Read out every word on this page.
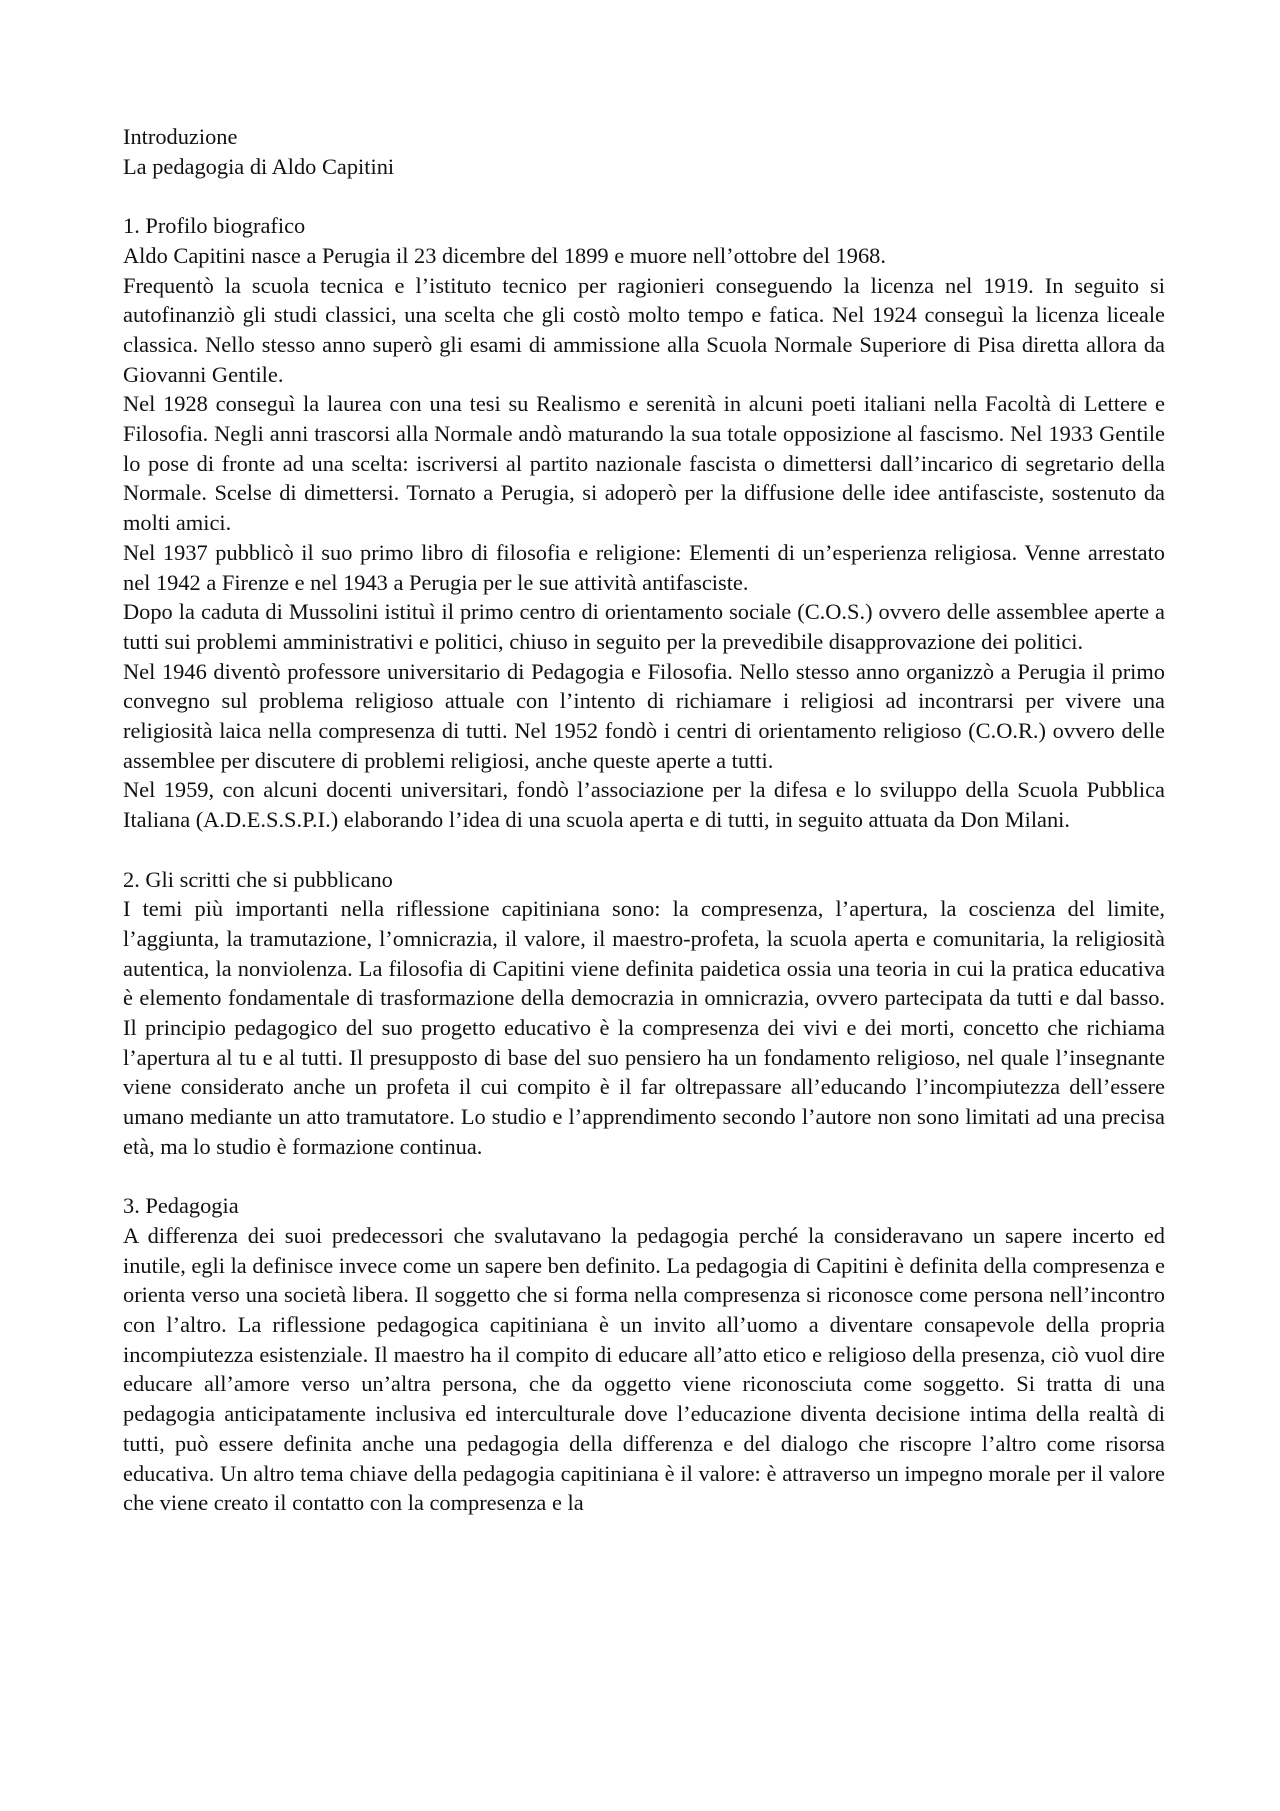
Introduzione
La pedagogia di Aldo Capitini
1. Profilo biografico
Aldo Capitini nasce a Perugia il 23 dicembre del 1899 e muore nell’ottobre del 1968.
Frequentò la scuola tecnica e l’istituto tecnico per ragionieri conseguendo la licenza nel 1919. In seguito si autofinanziò gli studi classici, una scelta che gli costò molto tempo e fatica. Nel 1924 conseguì la licenza liceale classica. Nello stesso anno superò gli esami di ammissione alla Scuola Normale Superiore di Pisa diretta allora da Giovanni Gentile.
Nel 1928 conseguì la laurea con una tesi su Realismo e serenità in alcuni poeti italiani nella Facoltà di Lettere e Filosofia. Negli anni trascorsi alla Normale andò maturando la sua totale opposizione al fascismo. Nel 1933 Gentile lo pose di fronte ad una scelta: iscriversi al partito nazionale fascista o dimettersi dall’incarico di segretario della Normale. Scelse di dimettersi. Tornato a Perugia, si adoperò per la diffusione delle idee antifasciste, sostenuto da molti amici.
Nel 1937 pubblicò il suo primo libro di filosofia e religione: Elementi di un’esperienza religiosa. Venne arrestato nel 1942 a Firenze e nel 1943 a Perugia per le sue attività antifasciste.
Dopo la caduta di Mussolini istituì il primo centro di orientamento sociale (C.O.S.) ovvero delle assemblee aperte a tutti sui problemi amministrativi e politici, chiuso in seguito per la prevedibile disapprovazione dei politici.
Nel 1946 diventò professore universitario di Pedagogia e Filosofia. Nello stesso anno organizzò a Perugia il primo convegno sul problema religioso attuale con l’intento di richiamare i religiosi ad incontrarsi per vivere una religiosità laica nella compresenza di tutti. Nel 1952 fondò i centri di orientamento religioso (C.O.R.) ovvero delle assemblee per discutere di problemi religiosi, anche queste aperte a tutti.
Nel 1959, con alcuni docenti universitari, fondò l’associazione per la difesa e lo sviluppo della Scuola Pubblica Italiana (A.D.E.S.S.P.I.) elaborando l’idea di una scuola aperta e di tutti, in seguito attuata da Don Milani.
2. Gli scritti che si pubblicano
I temi più importanti nella riflessione capitiniana sono: la compresenza, l’apertura, la coscienza del limite, l’aggiunta, la tramutazione, l’omnicrazia, il valore, il maestro-profeta, la scuola aperta e comunitaria, la religiosità autentica, la nonviolenza. La filosofia di Capitini viene definita paidetica ossia una teoria in cui la pratica educativa è elemento fondamentale di trasformazione della democrazia in omnicrazia, ovvero partecipata da tutti e dal basso. Il principio pedagogico del suo progetto educativo è la compresenza dei vivi e dei morti, concetto che richiama l’apertura al tu e al tutti. Il presupposto di base del suo pensiero ha un fondamento religioso, nel quale l’insegnante viene considerato anche un profeta il cui compito è il far oltrepassare all’educando l’incompiutezza dell’essere umano mediante un atto tramutatore. Lo studio e l’apprendimento secondo l’autore non sono limitati ad una precisa età, ma lo studio è formazione continua.
3. Pedagogia
A differenza dei suoi predecessori che svalutavano la pedagogia perché la consideravano un sapere incerto ed inutile, egli la definisce invece come un sapere ben definito. La pedagogia di Capitini è definita della compresenza e orienta verso una società libera. Il soggetto che si forma nella compresenza si riconosce come persona nell’incontro con l’altro. La riflessione pedagogica capitiniana è un invito all’uomo a diventare consapevole della propria incompiutezza esistenziale. Il maestro ha il compito di educare all’atto etico e religioso della presenza, ciò vuol dire educare all’amore verso un’altra persona, che da oggetto viene riconosciuta come soggetto. Si tratta di una pedagogia anticipatamente inclusiva ed interculturale dove l’educazione diventa decisione intima della realtà di tutti, può essere definita anche una pedagogia della differenza e del dialogo che riscopre l’altro come risorsa educativa. Un altro tema chiave della pedagogia capitiniana è il valore: è attraverso un impegno morale per il valore che viene creato il contatto con la compresenza e la
